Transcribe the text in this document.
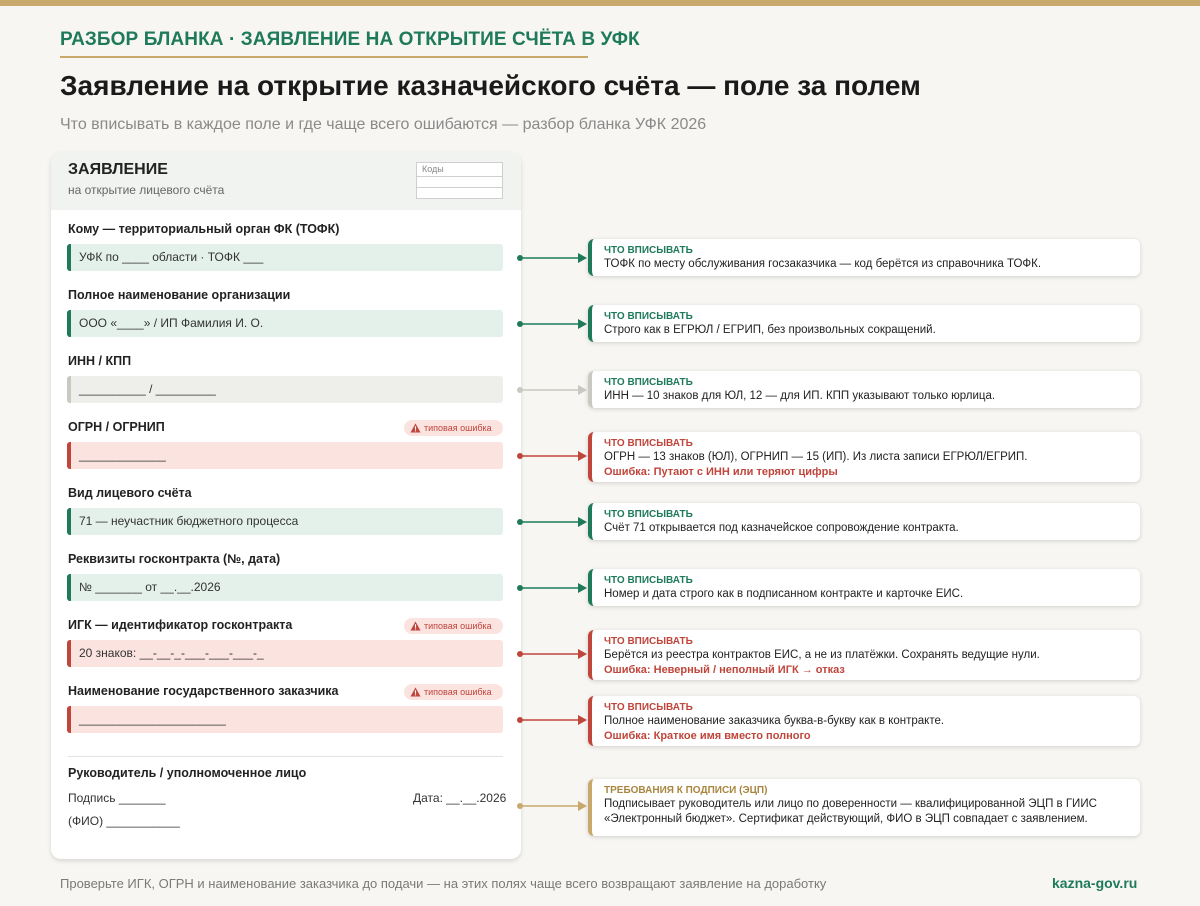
РАЗБОР БЛАНКА · ЗАЯВЛЕНИЕ НА ОТКРЫТИЕ СЧЁТА В УФК
Заявление на открытие казначейского счёта — поле за полем
Что вписывать в каждое поле и где чаще всего ошибаются — разбор бланка УФК 2026
ЗАЯВЛЕНИЕ
на открытие лицевого счёта
Коды
Кому — территориальный орган ФК (ТОФК)
УФК по ____ области · ТОФК ___
Полное наименование организации
ООО «____» / ИП Фамилия И. О.
ИНН / КПП
__________ / _________
ОГРН / ОГРНИП	типовая ошибка
_____________
Вид лицевого счёта
71 — неучастник бюджетного процесса
Реквизиты госконтракта (№, дата)
№ _______ от __.__.2026
ИГК — идентификатор госконтракта	типовая ошибка
20 знаков: __-__-_-___-___-___-_
Наименование государственного заказчика	типовая ошибка
______________________
Руководитель / уполномоченное лицо
Подпись _______	Дата: __.__.2026
(ФИО) ___________
ЧТО ВПИСЫВАТЬ
ТОФК по месту обслуживания госзаказчика — код берётся из справочника ТОФК.
ЧТО ВПИСЫВАТЬ
Строго как в ЕГРЮЛ / ЕГРИП, без произвольных сокращений.
ЧТО ВПИСЫВАТЬ
ИНН — 10 знаков для ЮЛ, 12 — для ИП. КПП указывают только юрлица.
ЧТО ВПИСЫВАТЬ
ОГРН — 13 знаков (ЮЛ), ОГРНИП — 15 (ИП). Из листа записи ЕГРЮЛ/ЕГРИП.
Ошибка: Путают с ИНН или теряют цифры
ЧТО ВПИСЫВАТЬ
Счёт 71 открывается под казначейское сопровождение контракта.
ЧТО ВПИСЫВАТЬ
Номер и дата строго как в подписанном контракте и карточке ЕИС.
ЧТО ВПИСЫВАТЬ
Берётся из реестра контрактов ЕИС, а не из платёжки. Сохранять ведущие нули.
Ошибка: Неверный / неполный ИГК → отказ
ЧТО ВПИСЫВАТЬ
Полное наименование заказчика буква-в-букву как в контракте.
Ошибка: Краткое имя вместо полного
ТРЕБОВАНИЯ К ПОДПИСИ (ЭЦП)
Подписывает руководитель или лицо по доверенности — квалифицированной ЭЦП в ГИИС
«Электронный бюджет». Сертификат действующий, ФИО в ЭЦП совпадает с заявлением.
Проверьте ИГК, ОГРН и наименование заказчика до подачи — на этих полях чаще всего возвращают заявление на доработку	kazna-gov.ru
